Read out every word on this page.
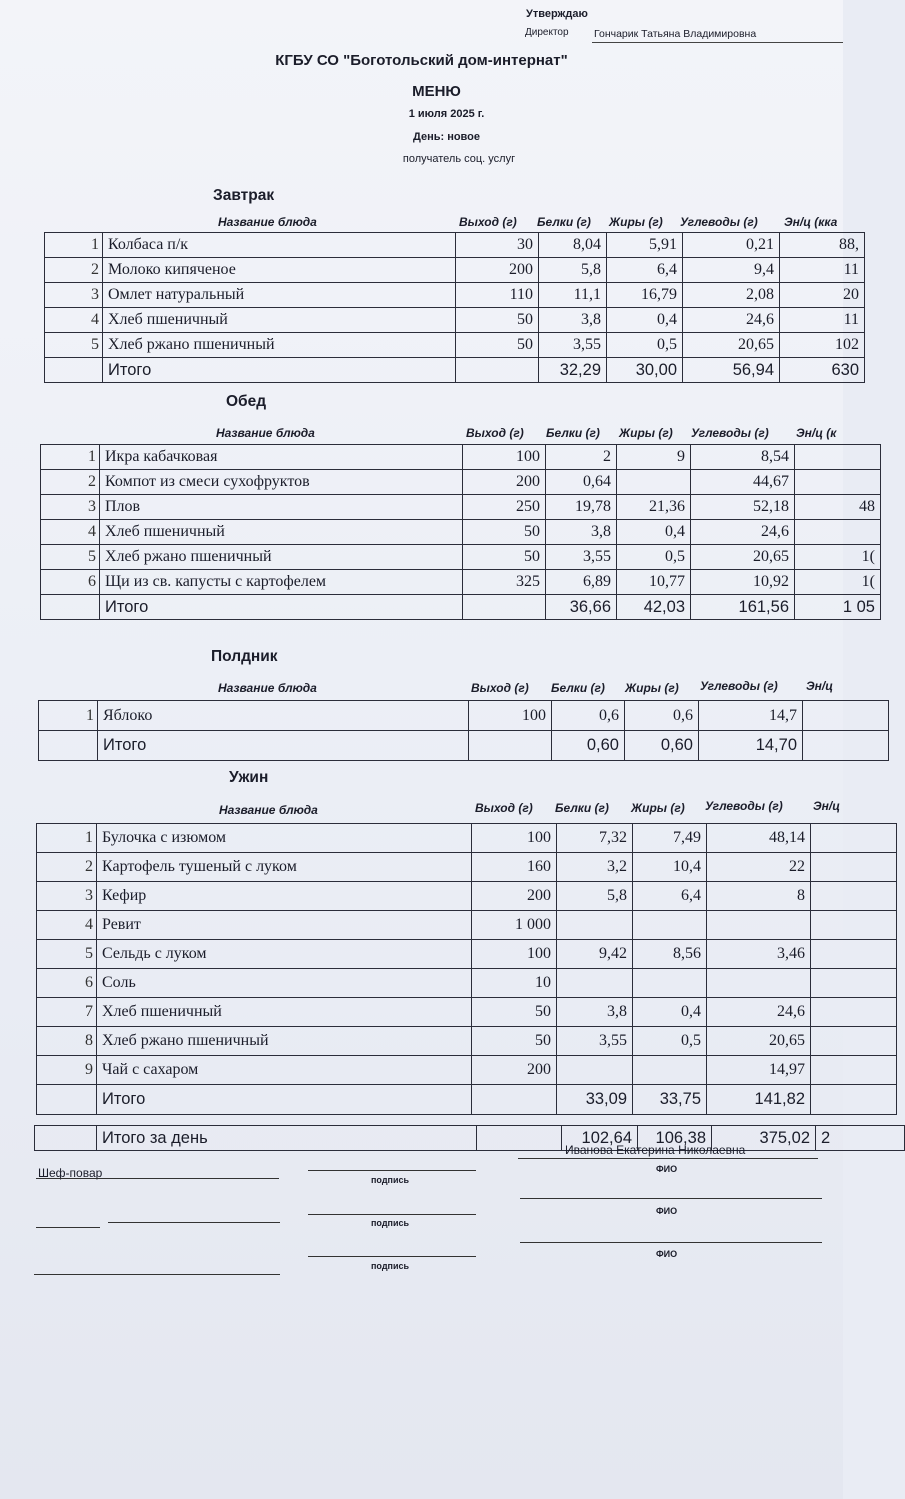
Утверждаю
Директор Гончарик Татьяна Владимировна
КГБУ СО "Боготольский дом-интернат"
МЕНЮ
1 июля 2025 г.
День: новое
получатель соц. услуг
Завтрак
Название блюда	Выход (г) Белки (г) Жиры (г) Углеводы (г) Эн/ц (кка
1	Колбаса п/к	30	8,04	5,91	0,21	88,
2	Молоко кипяченое	200	5,8	6,4	9,4	11
3	Омлет натуральный	110	11,1	16,79	2,08	20
4	Хлеб пшеничный	50	3,8	0,4	24,6	11
5	Хлеб ржано пшеничный	50	3,55	0,5	20,65	102
	Итого		32,29	30,00	56,94	630
Обед
Название блюда	Выход (г) Белки (г) Жиры (г) Углеводы (г) Эн/ц (к
1	Икра кабачковая	100	2	9	8,54	
2	Компот из смеси сухофруктов	200	0,64		44,67	
3	Плов	250	19,78	21,36	52,18	48
4	Хлеб пшеничный	50	3,8	0,4	24,6	
5	Хлеб ржано пшеничный	50	3,55	0,5	20,65	1(
6	Щи из св. капусты с картофелем	325	6,89	10,77	10,92	1(
	Итого		36,66	42,03	161,56	1 05
Полдник
Название блюда	Выход (г) Белки (г) Жиры (г) Углеводы (г) Эн/ц
1	Яблоко	100	0,6	0,6	14,7	
	Итого		0,60	0,60	14,70	
Ужин
Название блюда	Выход (г) Белки (г) Жиры (г) Углеводы (г)	Эн/ц
1	Булочка с изюмом	100	7,32	7,49	48,14	
2	Картофель тушеный с луком	160	3,2	10,4	22	
3	Кефир	200	5,8	6,4	8	
4	Ревит	1 000				
5	Сельдь с луком	100	9,42	8,56	3,46	
6	Соль	10				
7	Хлеб пшеничный	50	3,8	0,4	24,6	
8	Хлеб ржано пшеничный	50	3,55	0,5	20,65	
9	Чай с сахаром	200			14,97	
	Итого		33,09	33,75	141,82	
	Итого за день		102,64	106,38	375,02	2
Иванова Екатерина Николаевна
Шеф-повар	подпись
ФИО
подпись
ФИО
подпись
ФИО
